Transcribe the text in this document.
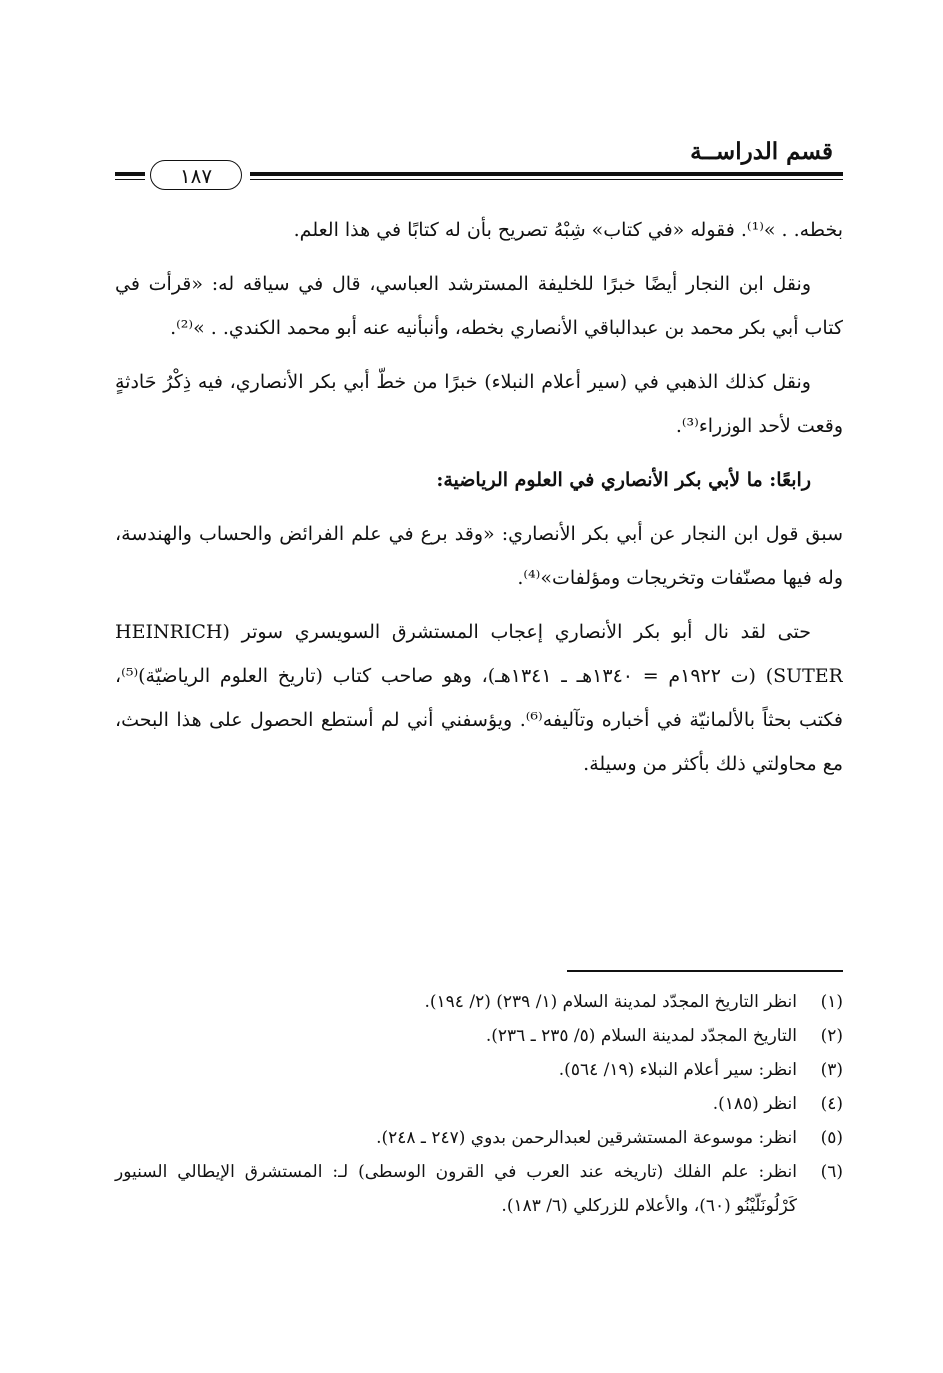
قسم الدراســة
١٨٧

بخطه. . »⁽¹⁾. فقوله «في كتاب» شِبْهُ تصريح بأن له كتابًا في هذا العلم.

ونقل ابن النجار أيضًا خبرًا للخليفة المسترشد العباسي، قال في سياقه له: «قرأت في كتاب أبي بكر محمد بن عبدالباقي الأنصاري بخطه، وأنبأنيه عنه أبو محمد الكندي. . »⁽²⁾.

ونقل كذلك الذهبي في (سير أعلام النبلاء) خبرًا من خطّ أبي بكر الأنصاري، فيه ذِكْرُ حَادثةٍ وقعت لأحد الوزراء⁽³⁾.

رابعًا: ما لأبي بكر الأنصاري في العلوم الرياضية:

سبق قول ابن النجار عن أبي بكر الأنصاري: «وقد برع في علم الفرائض والحساب والهندسة، وله فيها مصنّفات وتخريجات ومؤلفات»⁽⁴⁾.

حتى لقد نال أبو بكر الأنصاري إعجاب المستشرق السويسري سوتر (HEINRICH SUTER) (ت ١٩٢٢م = ١٣٤٠هـ ـ ١٣٤١هـ)، وهو صاحب كتاب (تاريخ العلوم الرياضيّة)⁽⁵⁾، فكتب بحثاً بالألمانيّة في أخباره وتآليفه⁽⁶⁾. ويؤسفني أني لم أستطع الحصول على هذا البحث، مع محاولتي ذلك بأكثر من وسيلة.

(١)
انظر التاريخ المجدّد لمدينة السلام (١/ ٢٣٩) (٢/ ١٩٤).
(٢)
التاريخ المجدّد لمدينة السلام (٥/ ٢٣٥ ـ ٢٣٦).
(٣)
انظر: سير أعلام النبلاء (١٩/ ٥٦٤).
(٤)
انظر (١٨٥).
(٥)
انظر: موسوعة المستشرقين لعبدالرحمن بدوي (٢٤٧ ـ ٢٤٨).
(٦)
انظر: علم الفلك (تاريخه عند العرب في القرون الوسطى) لـ: المستشرق الإيطالي السنيور كَرْلُونَلّيْنُو (٦٠)، والأعلام للزركلي (٦/ ١٨٣).
